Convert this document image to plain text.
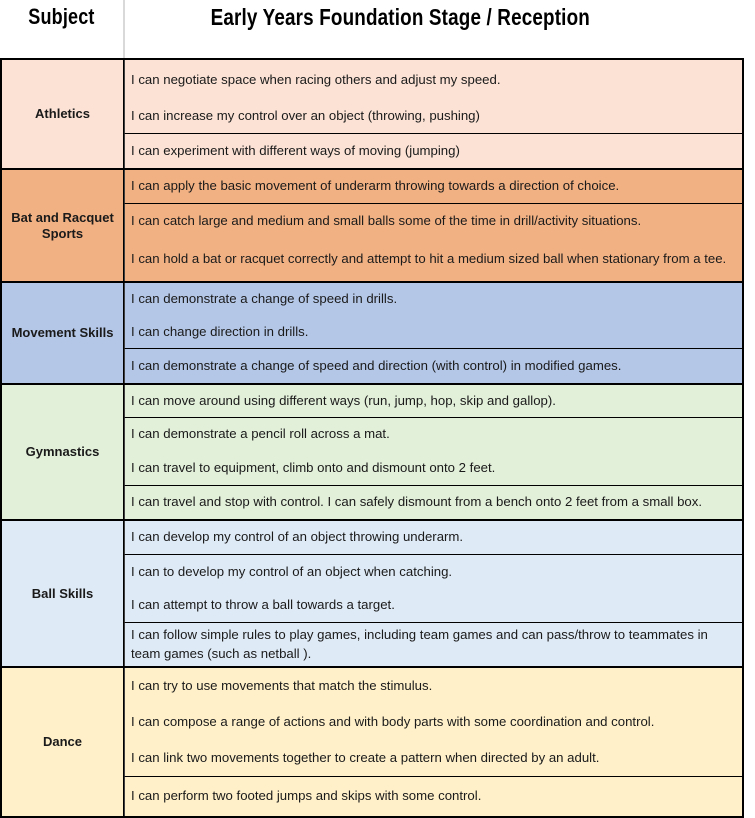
Subject	Early Years Foundation Stage / Reception
Athletics
I can negotiate space when racing others and adjust my speed.
I can increase my control over an object (throwing, pushing)
I can experiment with different ways of moving (jumping)
Bat and Racquet Sports
I can apply the basic movement of underarm throwing towards a direction of choice.
I can catch large and medium and small balls some of the time in drill/activity situations.
I can hold a bat or racquet correctly and attempt to hit a medium sized ball when stationary from a tee.
Movement Skills
I can demonstrate a change of speed in drills.
I can change direction in drills.
I can demonstrate a change of speed and direction (with control) in modified games.
Gymnastics
I can move around using different ways (run, jump, hop, skip and gallop).
I can demonstrate a pencil roll across a mat.
I can travel to equipment, climb onto and dismount onto 2 feet.
I can travel and stop with control. I can safely dismount from a bench onto 2 feet from a small box.
Ball Skills
I can develop my control of an object throwing underarm.
I can to develop my control of an object when catching.
I can attempt to throw a ball towards a target.
I can follow simple rules to play games, including team games and can pass/throw to teammates in team games (such as netball ).
Dance
I can try to use movements that match the stimulus.
I can compose a range of actions and with body parts with some coordination and control.
I can link two movements together to create a pattern when directed by an adult.
I can perform two footed jumps and skips with some control.
